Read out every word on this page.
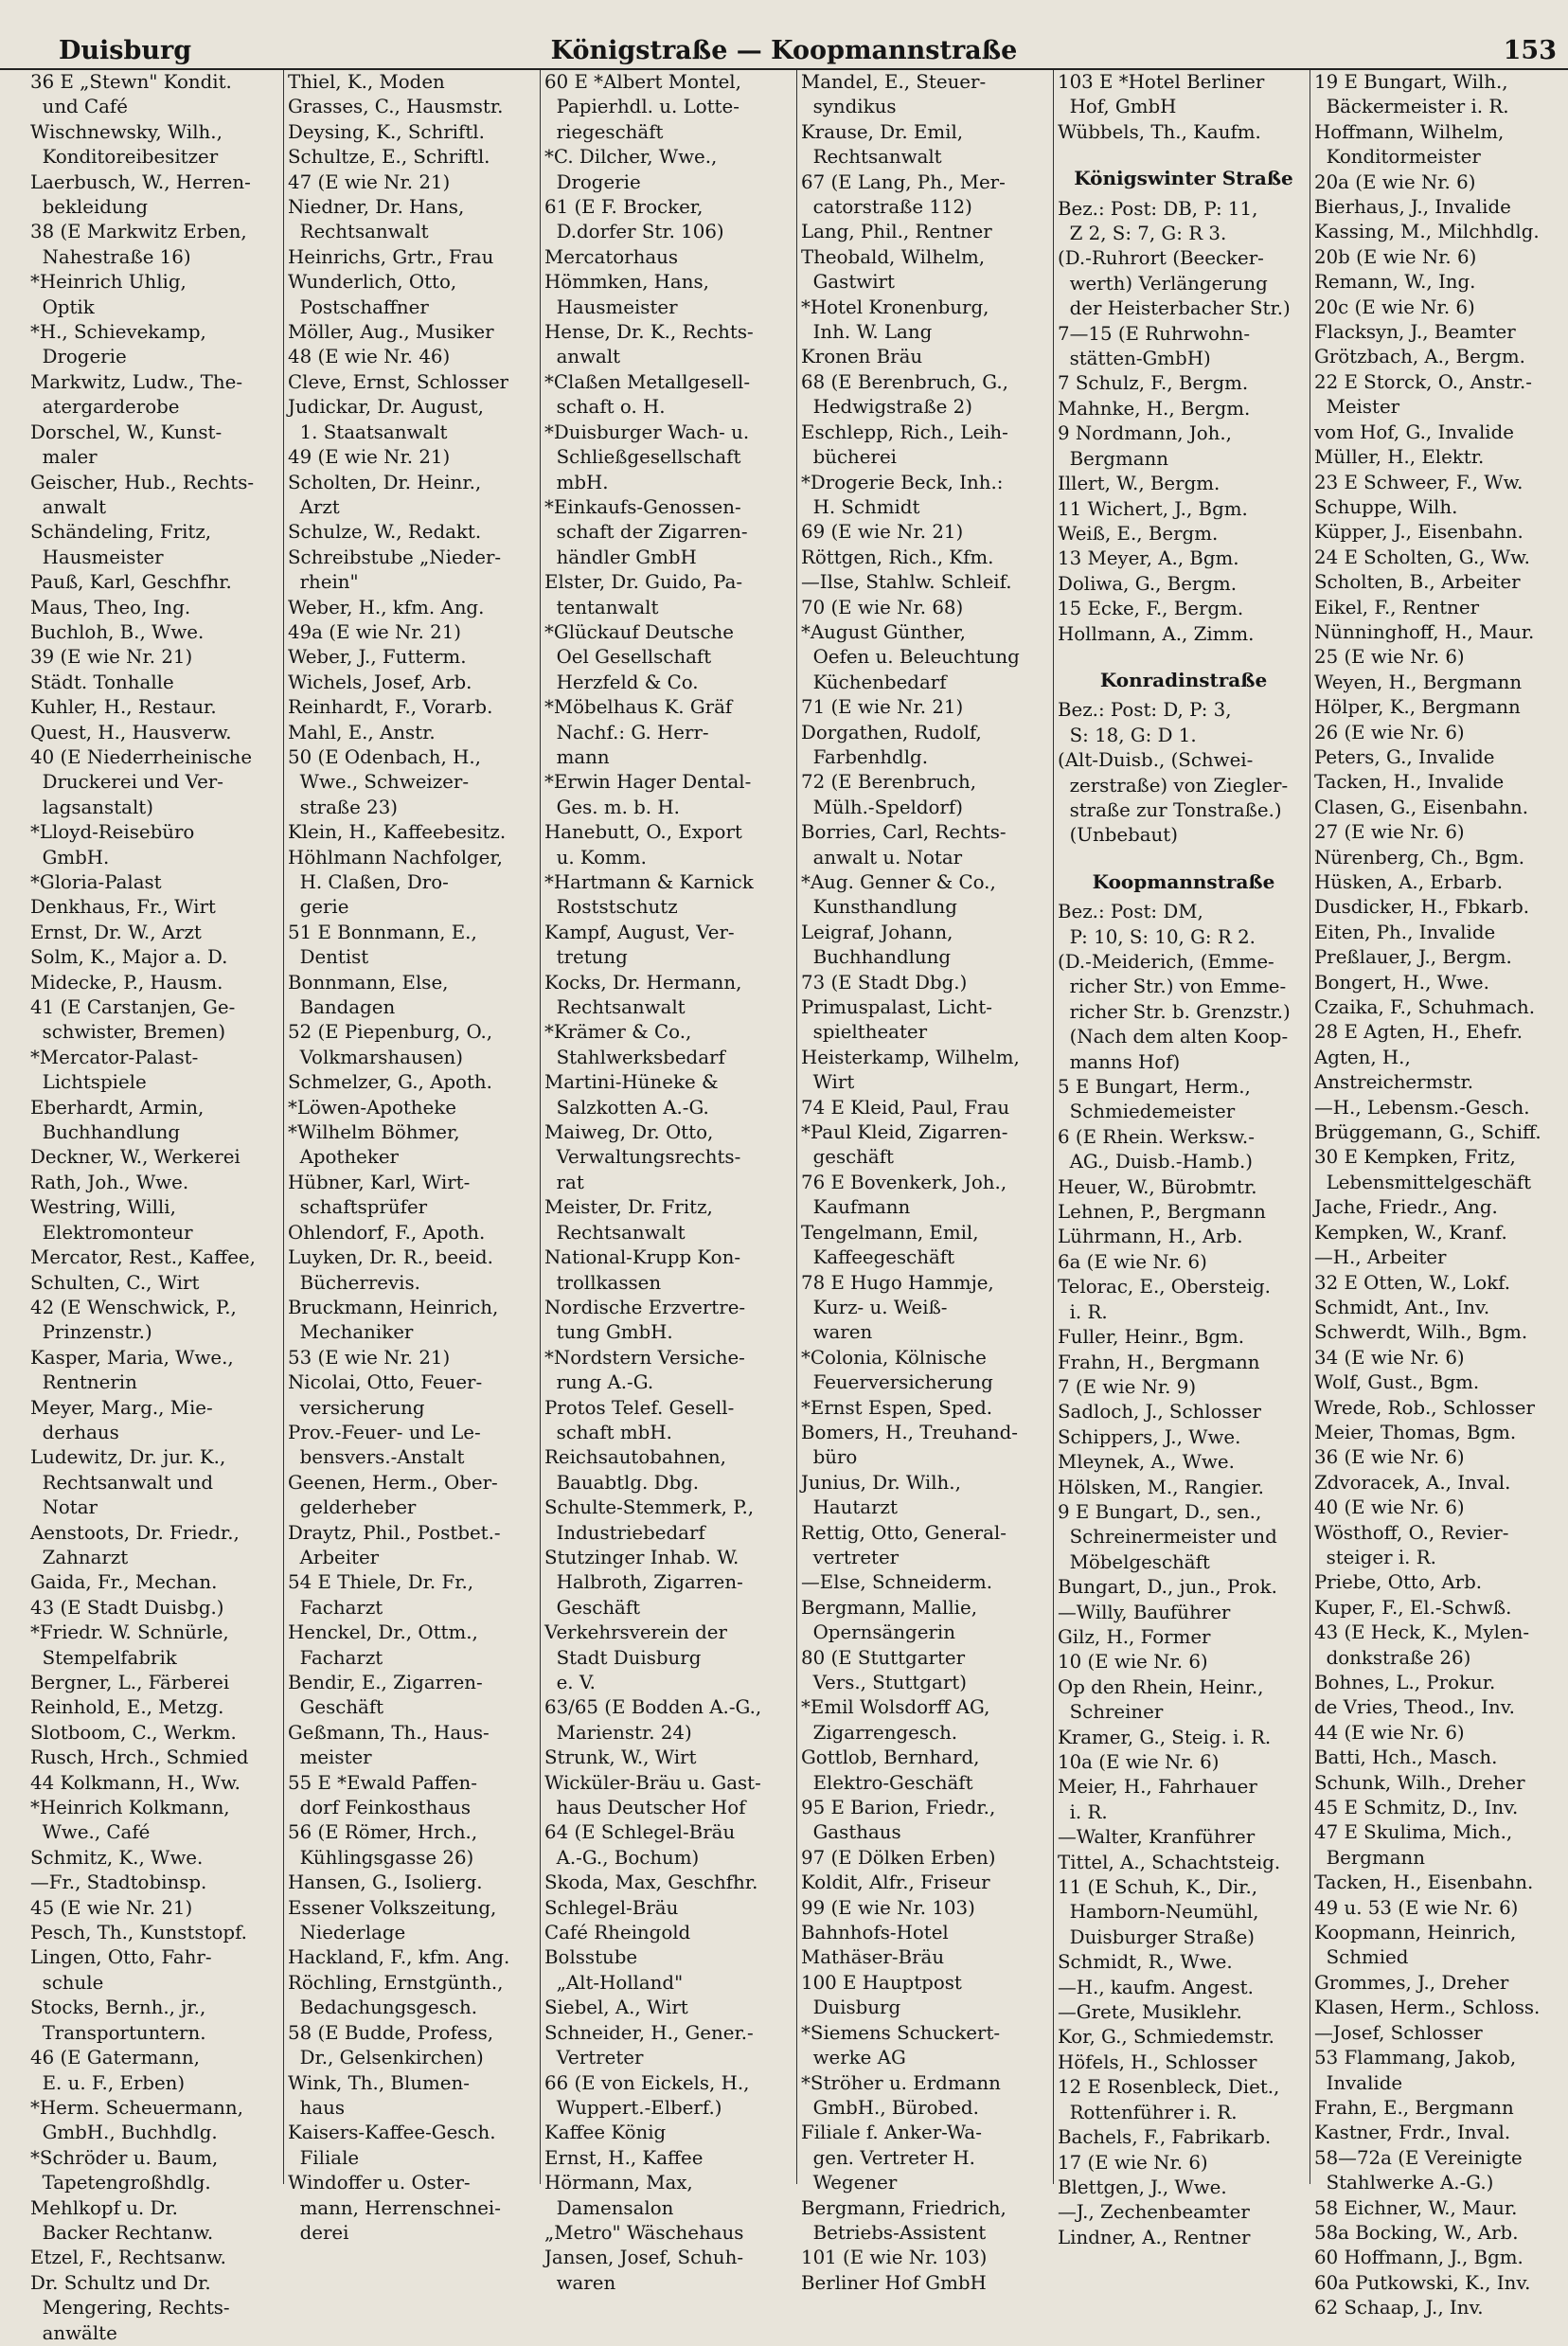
Duisburg	Königstraße — Koopmannstraße	153
36 E „Stewn" Kondit.
und Café
Wischnewsky, Wilh.,
Konditoreibesitzer
Laerbusch, W., Herren-
bekleidung
38 (E Markwitz Erben,
Nahestraße 16)
*Heinrich Uhlig,
Optik
*H., Schievekamp,
Drogerie
Markwitz, Ludw., The-
atergarderobe
Dorschel, W., Kunst-
maler
Geischer, Hub., Rechts-
anwalt
Schändeling, Fritz,
Hausmeister
Pauß, Karl, Geschfhr.
Maus, Theo, Ing.
Buchloh, B., Wwe.
39 (E wie Nr. 21)
Städt. Tonhalle
Kuhler, H., Restaur.
Quest, H., Hausverw.
40 (E Niederrheinische
Druckerei und Ver-
lagsanstalt)
*Lloyd-Reisebüro
GmbH.
*Gloria-Palast
Denkhaus, Fr., Wirt
Ernst, Dr. W., Arzt
Solm, K., Major a. D.
Midecke, P., Hausm.
41 (E Carstanjen, Ge-
schwister, Bremen)
*Mercator-Palast-
Lichtspiele
Eberhardt, Armin,
Buchhandlung
Deckner, W., Werkerei
Rath, Joh., Wwe.
Westring, Willi,
Elektromonteur
Mercator, Rest., Kaffee,
Schulten, C., Wirt
42 (E Wenschwick, P.,
Prinzenstr.)
Kasper, Maria, Wwe.,
Rentnerin
Meyer, Marg., Mie-
derhaus
Ludewitz, Dr. jur. K.,
Rechtsanwalt und
Notar
Aenstoots, Dr. Friedr.,
Zahnarzt
Gaida, Fr., Mechan.
43 (E Stadt Duisbg.)
*Friedr. W. Schnürle,
Stempelfabrik
Bergner, L., Färberei
Reinhold, E., Metzg.
Slotboom, C., Werkm.
Rusch, Hrch., Schmied
44 Kolkmann, H., Ww.
*Heinrich Kolkmann,
Wwe., Café
Schmitz, K., Wwe.
—Fr., Stadtobinsp.
45 (E wie Nr. 21)
Pesch, Th., Kunststopf.
Lingen, Otto, Fahr-
schule
Stocks, Bernh., jr.,
Transportuntern.
46 (E Gatermann,
E. u. F., Erben)
*Herm. Scheuermann,
GmbH., Buchhdlg.
*Schröder u. Baum,
Tapetengroßhdlg.
Mehlkopf u. Dr.
Backer Rechtanw.
Etzel, F., Rechtsanw.
Dr. Schultz und Dr.
Mengering, Rechts-
anwälte
Thiel, K., Moden
Grasses, C., Hausmstr.
Deysing, K., Schriftl.
Schultze, E., Schriftl.
47 (E wie Nr. 21)
Niedner, Dr. Hans,
Rechtsanwalt
Heinrichs, Grtr., Frau
Wunderlich, Otto,
Postschaffner
Möller, Aug., Musiker
48 (E wie Nr. 46)
Cleve, Ernst, Schlosser
Judickar, Dr. August,
1. Staatsanwalt
49 (E wie Nr. 21)
Scholten, Dr. Heinr.,
Arzt
Schulze, W., Redakt.
Schreibstube „Nieder-
rhein"
Weber, H., kfm. Ang.
49a (E wie Nr. 21)
Weber, J., Futterm.
Wichels, Josef, Arb.
Reinhardt, F., Vorarb.
Mahl, E., Anstr.
50 (E Odenbach, H.,
Wwe., Schweizer-
straße 23)
Klein, H., Kaffeebesitz.
Höhlmann Nachfolger,
H. Claßen, Dro-
gerie
51 E Bonnmann, E.,
Dentist
Bonnmann, Else,
Bandagen
52 (E Piepenburg, O.,
Volkmarshausen)
Schmelzer, G., Apoth.
*Löwen-Apotheke
*Wilhelm Böhmer,
Apotheker
Hübner, Karl, Wirt-
schaftsprüfer
Ohlendorf, F., Apoth.
Luyken, Dr. R., beeid.
Bücherrevis.
Bruckmann, Heinrich,
Mechaniker
53 (E wie Nr. 21)
Nicolai, Otto, Feuer-
versicherung
Prov.-Feuer- und Le-
bensvers.-Anstalt
Geenen, Herm., Ober-
gelderheber
Draytz, Phil., Postbet.-
Arbeiter
54 E Thiele, Dr. Fr.,
Facharzt
Henckel, Dr., Ottm.,
Facharzt
Bendir, E., Zigarren-
Geschäft
Geßmann, Th., Haus-
meister
55 E *Ewald Paffen-
dorf Feinkosthaus
56 (E Römer, Hrch.,
Kühlingsgasse 26)
Hansen, G., Isolierg.
Essener Volkszeitung,
Niederlage
Hackland, F., kfm. Ang.
Röchling, Ernstgünth.,
Bedachungsgesch.
58 (E Budde, Profess,
Dr., Gelsenkirchen)
Wink, Th., Blumen-
haus
Kaisers-Kaffee-Gesch.
Filiale
Windoffer u. Oster-
mann, Herrenschnei-
derei
60 E *Albert Montel,
Papierhdl. u. Lotte-
riegeschäft
*C. Dilcher, Wwe.,
Drogerie
61 (E F. Brocker,
D.dorfer Str. 106)
Mercatorhaus
Hömmken, Hans,
Hausmeister
Hense, Dr. K., Rechts-
anwalt
*Claßen Metallgesell-
schaft o. H.
*Duisburger Wach- u.
Schließgesellschaft
mbH.
*Einkaufs-Genossen-
schaft der Zigarren-
händler GmbH
Elster, Dr. Guido, Pa-
tentanwalt
*Glückauf Deutsche
Oel Gesellschaft
Herzfeld & Co.
*Möbelhaus K. Gräf
Nachf.: G. Herr-
mann
*Erwin Hager Dental-
Ges. m. b. H.
Hanebutt, O., Export
u. Komm.
*Hartmann & Karnick
Roststschutz
Kampf, August, Ver-
tretung
Kocks, Dr. Hermann,
Rechtsanwalt
*Krämer & Co.,
Stahlwerksbedarf
Martini-Hüneke &
Salzkotten A.-G.
Maiweg, Dr. Otto,
Verwaltungsrechts-
rat
Meister, Dr. Fritz,
Rechtsanwalt
National-Krupp Kon-
trollkassen
Nordische Erzvertre-
tung GmbH.
*Nordstern Versiche-
rung A.-G.
Protos Telef. Gesell-
schaft mbH.
Reichsautobahnen,
Bauabtlg. Dbg.
Schulte-Stemmerk, P.,
Industriebedarf
Stutzinger Inhab. W.
Halbroth, Zigarren-
Geschäft
Verkehrsverein der
Stadt Duisburg
e. V.
63/65 (E Bodden A.-G.,
Marienstr. 24)
Strunk, W., Wirt
Wicküler-Bräu u. Gast-
haus Deutscher Hof
64 (E Schlegel-Bräu
A.-G., Bochum)
Skoda, Max, Geschfhr.
Schlegel-Bräu
Café Rheingold
Bolsstube
„Alt-Holland"
Siebel, A., Wirt
Schneider, H., Gener.-
Vertreter
66 (E von Eickels, H.,
Wuppert.-Elberf.)
Kaffee König
Ernst, H., Kaffee
Hörmann, Max,
Damensalon
„Metro" Wäschehaus
Jansen, Josef, Schuh-
waren
Mandel, E., Steuer-
syndikus
Krause, Dr. Emil,
Rechtsanwalt
67 (E Lang, Ph., Mer-
catorstraße 112)
Lang, Phil., Rentner
Theobald, Wilhelm,
Gastwirt
*Hotel Kronenburg,
Inh. W. Lang
Kronen Bräu
68 (E Berenbruch, G.,
Hedwigstraße 2)
Eschlepp, Rich., Leih-
bücherei
*Drogerie Beck, Inh.:
H. Schmidt
69 (E wie Nr. 21)
Röttgen, Rich., Kfm.
—Ilse, Stahlw. Schleif.
70 (E wie Nr. 68)
*August Günther,
Oefen u. Beleuchtung
Küchenbedarf
71 (E wie Nr. 21)
Dorgathen, Rudolf,
Farbenhdlg.
72 (E Berenbruch,
Mülh.-Speldorf)
Borries, Carl, Rechts-
anwalt u. Notar
*Aug. Genner & Co.,
Kunsthandlung
Leigraf, Johann,
Buchhandlung
73 (E Stadt Dbg.)
Primuspalast, Licht-
spieltheater
Heisterkamp, Wilhelm,
Wirt
74 E Kleid, Paul, Frau
*Paul Kleid, Zigarren-
geschäft
76 E Bovenkerk, Joh.,
Kaufmann
Tengelmann, Emil,
Kaffeegeschäft
78 E Hugo Hammje,
Kurz- u. Weiß-
waren
*Colonia, Kölnische
Feuerversicherung
*Ernst Espen, Sped.
Bomers, H., Treuhand-
büro
Junius, Dr. Wilh.,
Hautarzt
Rettig, Otto, General-
vertreter
—Else, Schneiderm.
Bergmann, Mallie,
Opernsängerin
80 (E Stuttgarter
Vers., Stuttgart)
*Emil Wolsdorff AG,
Zigarrengesch.
Gottlob, Bernhard,
Elektro-Geschäft
95 E Barion, Friedr.,
Gasthaus
97 (E Dölken Erben)
Koldit, Alfr., Friseur
99 (E wie Nr. 103)
Bahnhofs-Hotel
Mathäser-Bräu
100 E Hauptpost
Duisburg
*Siemens Schuckert-
werke AG
*Ströher u. Erdmann
GmbH., Bürobed.
Filiale f. Anker-Wa-
gen. Vertreter H.
Wegener
Bergmann, Friedrich,
Betriebs-Assistent
101 (E wie Nr. 103)
Berliner Hof GmbH
103 E *Hotel Berliner
Hof, GmbH
Wübbels, Th., Kaufm.
Königswinter Straße
Bez.: Post: DB, P: 11,
Z 2, S: 7, G: R 3.
(D.-Ruhrort (Beecker-
werth) Verlängerung
der Heisterbacher Str.)
7—15 (E Ruhrwohn-
stätten-GmbH)
7 Schulz, F., Bergm.
Mahnke, H., Bergm.
9 Nordmann, Joh.,
Bergmann
Illert, W., Bergm.
11 Wichert, J., Bgm.
Weiß, E., Bergm.
13 Meyer, A., Bgm.
Doliwa, G., Bergm.
15 Ecke, F., Bergm.
Hollmann, A., Zimm.
Konradinstraße
Bez.: Post: D, P: 3,
S: 18, G: D 1.
(Alt-Duisb., (Schwei-
zerstraße) von Ziegler-
straße zur Tonstraße.)
(Unbebaut)
Koopmannstraße
Bez.: Post: DM,
P: 10, S: 10, G: R 2.
(D.-Meiderich, (Emme-
richer Str.) von Emme-
richer Str. b. Grenzstr.)
(Nach dem alten Koop-
manns Hof)
5 E Bungart, Herm.,
Schmiedemeister
6 (E Rhein. Werksw.-
AG., Duisb.-Hamb.)
Heuer, W., Bürobmtr.
Lehnen, P., Bergmann
Lührmann, H., Arb.
6a (E wie Nr. 6)
Telorac, E., Obersteig.
i. R.
Fuller, Heinr., Bgm.
Frahn, H., Bergmann
7 (E wie Nr. 9)
Sadloch, J., Schlosser
Schippers, J., Wwe.
Mleynek, A., Wwe.
Hölsken, M., Rangier.
9 E Bungart, D., sen.,
Schreinermeister und
Möbelgeschäft
Bungart, D., jun., Prok.
—Willy, Bauführer
Gilz, H., Former
10 (E wie Nr. 6)
Op den Rhein, Heinr.,
Schreiner
Kramer, G., Steig. i. R.
10a (E wie Nr. 6)
Meier, H., Fahrhauer
i. R.
—Walter, Kranführer
Tittel, A., Schachtsteig.
11 (E Schuh, K., Dir.,
Hamborn-Neumühl,
Duisburger Straße)
Schmidt, R., Wwe.
—H., kaufm. Angest.
—Grete, Musiklehr.
Kor, G., Schmiedemstr.
Höfels, H., Schlosser
12 E Rosenbleck, Diet.,
Rottenführer i. R.
Bachels, F., Fabrikarb.
17 (E wie Nr. 6)
Blettgen, J., Wwe.
—J., Zechenbeamter
Lindner, A., Rentner
19 E Bungart, Wilh.,
Bäckermeister i. R.
Hoffmann, Wilhelm,
Konditormeister
20a (E wie Nr. 6)
Bierhaus, J., Invalide
Kassing, M., Milchhdlg.
20b (E wie Nr. 6)
Remann, W., Ing.
20c (E wie Nr. 6)
Flacksyn, J., Beamter
Grötzbach, A., Bergm.
22 E Storck, O., Anstr.-
Meister
vom Hof, G., Invalide
Müller, H., Elektr.
23 E Schweer, F., Ww.
Schuppe, Wilh.
Küpper, J., Eisenbahn.
24 E Scholten, G., Ww.
Scholten, B., Arbeiter
Eikel, F., Rentner
Nünninghoff, H., Maur.
25 (E wie Nr. 6)
Weyen, H., Bergmann
Hölper, K., Bergmann
26 (E wie Nr. 6)
Peters, G., Invalide
Tacken, H., Invalide
Clasen, G., Eisenbahn.
27 (E wie Nr. 6)
Nürenberg, Ch., Bgm.
Hüsken, A., Erbarb.
Dusdicker, H., Fbkarb.
Eiten, Ph., Invalide
Preßlauer, J., Bergm.
Bongert, H., Wwe.
Czaika, F., Schuhmach.
28 E Agten, H., Ehefr.
Agten, H., Anstreichermstr.
—H., Lebensm.-Gesch.
Brüggemann, G., Schiff.
30 E Kempken, Fritz,
Lebensmittelgeschäft
Jache, Friedr., Ang.
Kempken, W., Kranf.
—H., Arbeiter
32 E Otten, W., Lokf.
Schmidt, Ant., Inv.
Schwerdt, Wilh., Bgm.
34 (E wie Nr. 6)
Wolf, Gust., Bgm.
Wrede, Rob., Schlosser
Meier, Thomas, Bgm.
36 (E wie Nr. 6)
Zdvoracek, A., Inval.
40 (E wie Nr. 6)
Wösthoff, O., Revier-
steiger i. R.
Priebe, Otto, Arb.
Kuper, F., El.-Schwß.
43 (E Heck, K., Mylen-
donkstraße 26)
Bohnes, L., Prokur.
de Vries, Theod., Inv.
44 (E wie Nr. 6)
Batti, Hch., Masch.
Schunk, Wilh., Dreher
45 E Schmitz, D., Inv.
47 E Skulima, Mich.,
Bergmann
Tacken, H., Eisenbahn.
49 u. 53 (E wie Nr. 6)
Koopmann, Heinrich,
Schmied
Grommes, J., Dreher
Klasen, Herm., Schloss.
—Josef, Schlosser
53 Flammang, Jakob,
Invalide
Frahn, E., Bergmann
Kastner, Frdr., Inval.
58—72a (E Vereinigte
Stahlwerke A.-G.)
58 Eichner, W., Maur.
58a Bocking, W., Arb.
60 Hoffmann, J., Bgm.
60a Putkowski, K., Inv.
62 Schaap, J., Inv.
